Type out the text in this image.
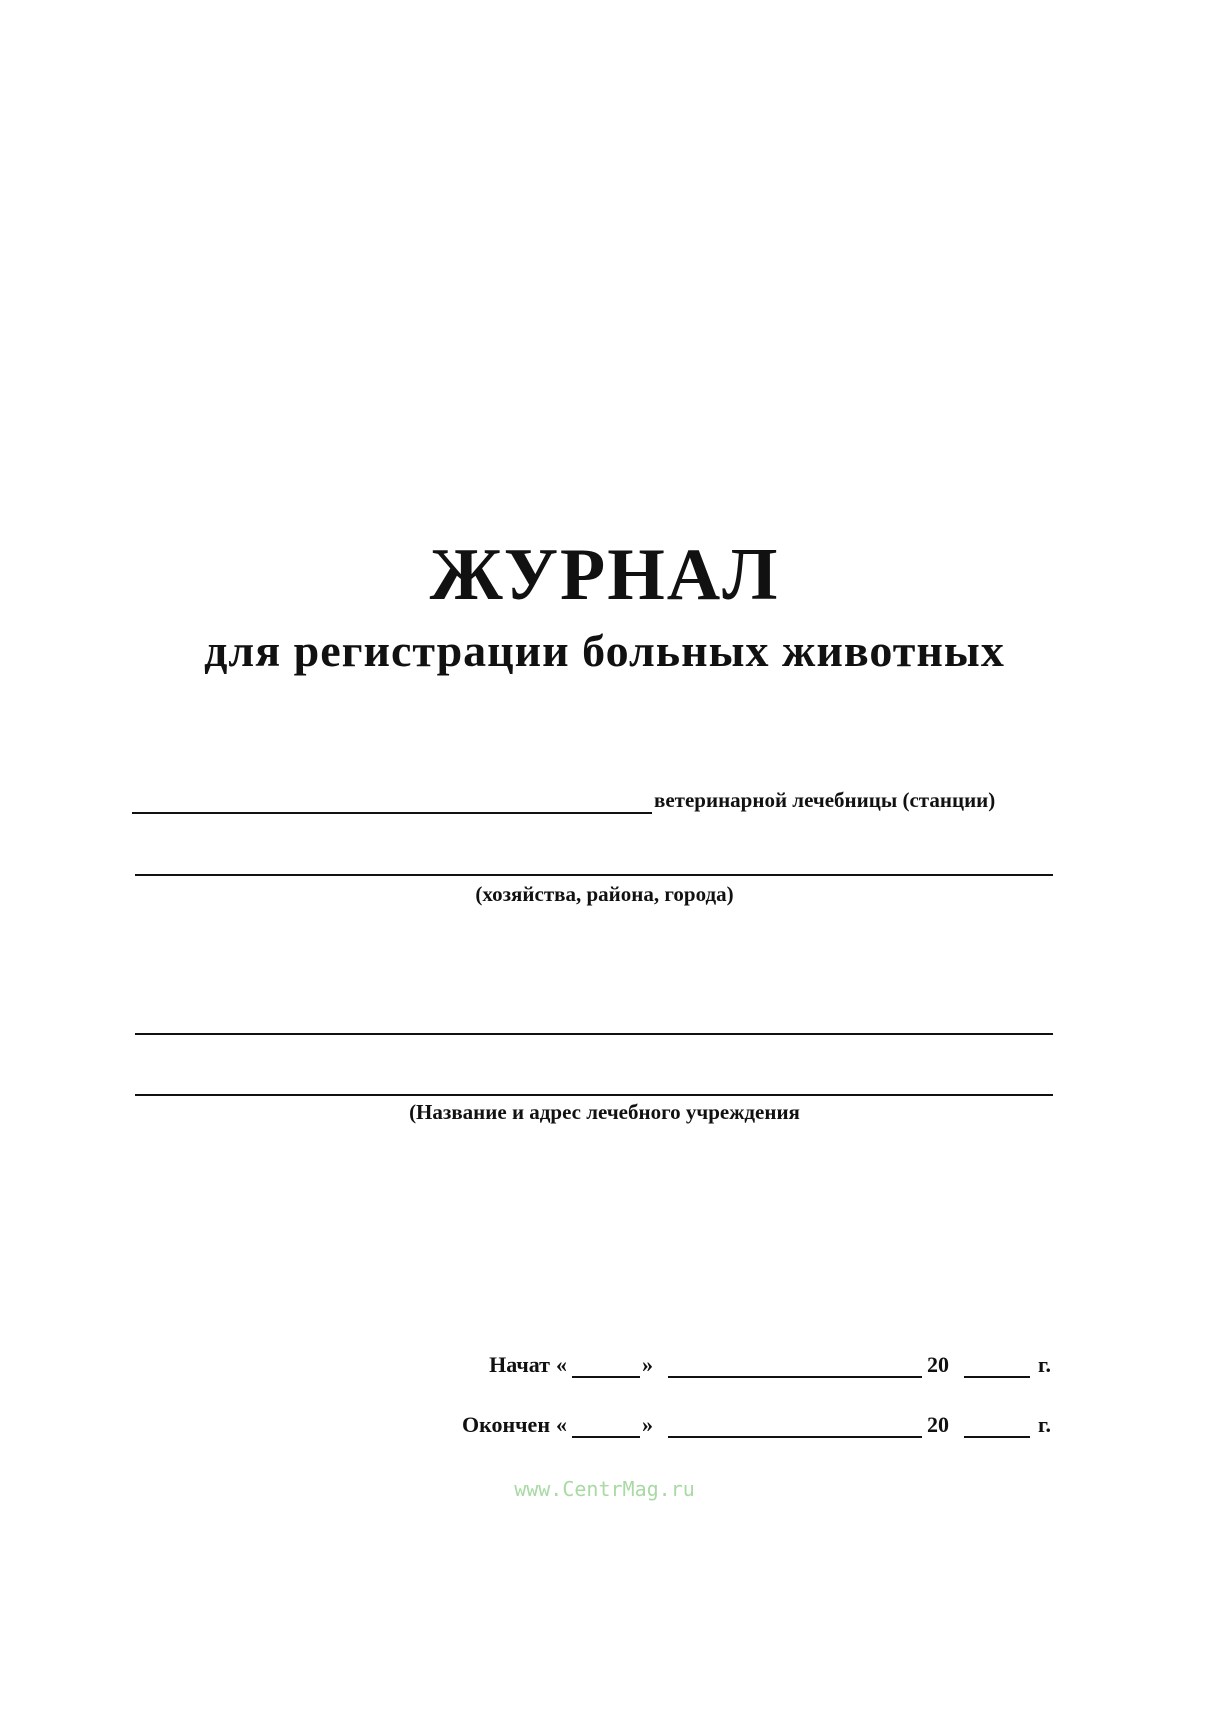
ЖУРНАЛ
для регистрации больных животных
ветеринарной лечебницы (станции)
(хозяйства, района, города)
(Название и адрес лечебного учреждения
Начат «	»	20	г.
Окончен «	»	20	г.
www.CentrMag.ru
